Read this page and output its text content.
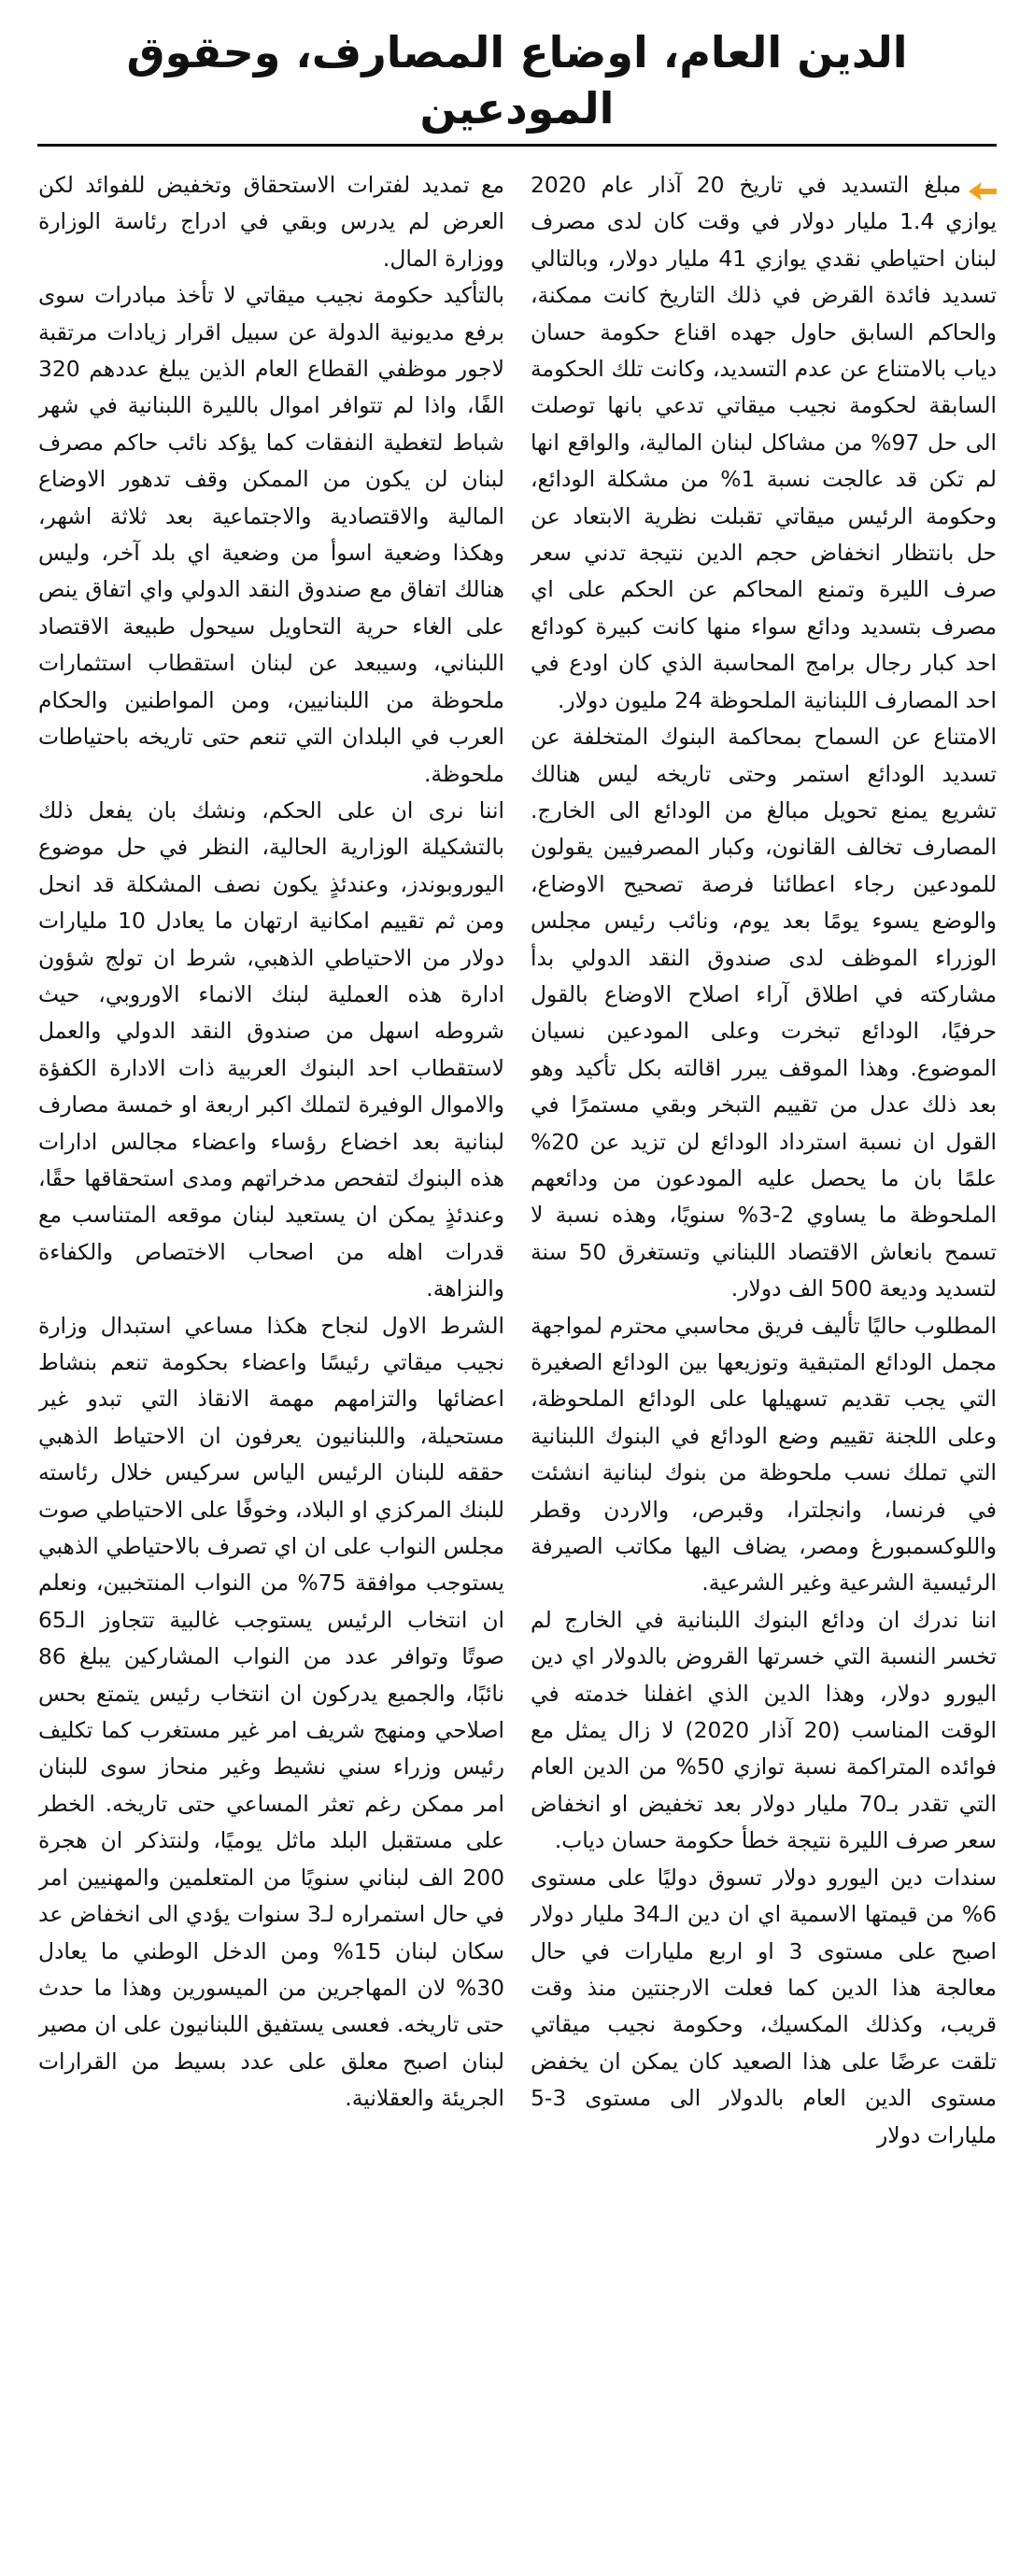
الدين العام، اوضاع المصارف، وحقوق المودعين

مبلغ التسديد في تاريخ 20 آذار عام 2020 يوازي 1.4 مليار دولار في وقت كان لدى مصرف لبنان احتياطي نقدي يوازي 41 مليار دولار، وبالتالي تسديد فائدة القرض في ذلك التاريخ كانت ممكنة، والحاكم السابق حاول جهده اقناع حكومة حسان دياب بالامتناع عن عدم التسديد، وكانت تلك الحكومة السابقة لحكومة نجيب ميقاتي تدعي بانها توصلت الى حل 97% من مشاكل لبنان المالية، والواقع انها لم تكن قد عالجت نسبة 1% من مشكلة الودائع، وحكومة الرئيس ميقاتي تقبلت نظرية الابتعاد عن حل بانتظار انخفاض حجم الدين نتيجة تدني سعر صرف الليرة وتمنع المحاكم عن الحكم على اي مصرف بتسديد ودائع سواء منها كانت كبيرة كودائع احد كبار رجال برامج المحاسبة الذي كان اودع في احد المصارف اللبنانية الملحوظة 24 مليون دولار.

الامتناع عن السماح بمحاكمة البنوك المتخلفة عن تسديد الودائع استمر وحتى تاريخه ليس هنالك تشريع يمنع تحويل مبالغ من الودائع الى الخارج. المصارف تخالف القانون، وكبار المصرفيين يقولون للمودعين رجاء اعطائنا فرصة تصحيح الاوضاع، والوضع يسوء يومًا بعد يوم، ونائب رئيس مجلس الوزراء الموظف لدى صندوق النقد الدولي بدأ مشاركته في اطلاق آراء اصلاح الاوضاع بالقول حرفيًا، الودائع تبخرت وعلى المودعين نسيان الموضوع. وهذا الموقف يبرر اقالته بكل تأكيد وهو بعد ذلك عدل من تقييم التبخر وبقي مستمرًا في القول ان نسبة استرداد الودائع لن تزيد عن 20% علمًا بان ما يحصل عليه المودعون من ودائعهم الملحوظة ما يساوي 2-3% سنويًا، وهذه نسبة لا تسمح بانعاش الاقتصاد اللبناني وتستغرق 50 سنة لتسديد وديعة 500 الف دولار.

المطلوب حاليًا تأليف فريق محاسبي محترم لمواجهة مجمل الودائع المتبقية وتوزيعها بين الودائع الصغيرة التي يجب تقديم تسهيلها على الودائع الملحوظة، وعلى اللجنة تقييم وضع الودائع في البنوك اللبنانية التي تملك نسب ملحوظة من بنوك لبنانية انشئت في فرنسا، وانجلترا، وقبرص، والاردن وقطر واللوكسمبورغ ومصر، يضاف اليها مكاتب الصيرفة الرئيسية الشرعية وغير الشرعية.

اننا ندرك ان ودائع البنوك اللبنانية في الخارج لم تخسر النسبة التي خسرتها القروض بالدولار اي دين اليورو دولار، وهذا الدين الذي اغفلنا خدمته في الوقت المناسب (20 آذار 2020) لا زال يمثل مع فوائده المتراكمة نسبة توازي 50% من الدين العام التي تقدر بـ70 مليار دولار بعد تخفيض او انخفاض سعر صرف الليرة نتيجة خطأ حكومة حسان دياب.

سندات دين اليورو دولار تسوق دوليًا على مستوى 6% من قيمتها الاسمية اي ان دين الـ34 مليار دولار اصبح على مستوى 3 او اربع مليارات في حال معالجة هذا الدين كما فعلت الارجنتين منذ وقت قريب، وكذلك المكسيك، وحكومة نجيب ميقاتي تلقت عرضًا على هذا الصعيد كان يمكن ان يخفض مستوى الدين العام بالدولار الى مستوى 3-5 مليارات دولار

مع تمديد لفترات الاستحقاق وتخفيض للفوائد لكن العرض لم يدرس وبقي في ادراج رئاسة الوزارة ووزارة المال.

بالتأكيد حكومة نجيب ميقاتي لا تأخذ مبادرات سوى برفع مديونية الدولة عن سبيل اقرار زيادات مرتقبة لاجور موظفي القطاع العام الذين يبلغ عددهم 320 الفًا، واذا لم تتوافر اموال بالليرة اللبنانية في شهر شباط لتغطية النفقات كما يؤكد نائب حاكم مصرف لبنان لن يكون من الممكن وقف تدهور الاوضاع المالية والاقتصادية والاجتماعية بعد ثلاثة اشهر، وهكذا وضعية اسوأ من وضعية اي بلد آخر، وليس هنالك اتفاق مع صندوق النقد الدولي واي اتفاق ينص على الغاء حرية التحاويل سيحول طبيعة الاقتصاد اللبناني، وسيبعد عن لبنان استقطاب استثمارات ملحوظة من اللبنانيين، ومن المواطنين والحكام العرب في البلدان التي تنعم حتى تاريخه باحتياطات ملحوظة.

اننا نرى ان على الحكم، ونشك بان يفعل ذلك بالتشكيلة الوزارية الحالية، النظر في حل موضوع اليوروبوندز، وعندئذٍ يكون نصف المشكلة قد انحل ومن ثم تقييم امكانية ارتهان ما يعادل 10 مليارات دولار من الاحتياطي الذهبي، شرط ان تولج شؤون ادارة هذه العملية لبنك الانماء الاوروبي، حيث شروطه اسهل من صندوق النقد الدولي والعمل لاستقطاب احد البنوك العربية ذات الادارة الكفؤة والاموال الوفيرة لتملك اكبر اربعة او خمسة مصارف لبنانية بعد اخضاع رؤساء واعضاء مجالس ادارات هذه البنوك لتفحص مدخراتهم ومدى استحقاقها حقًا، وعندئذٍ يمكن ان يستعيد لبنان موقعه المتناسب مع قدرات اهله من اصحاب الاختصاص والكفاءة والنزاهة.

الشرط الاول لنجاح هكذا مساعي استبدال وزارة نجيب ميقاتي رئيسًا واعضاء بحكومة تنعم بنشاط اعضائها والتزامهم مهمة الانقاذ التي تبدو غير مستحيلة، واللبنانيون يعرفون ان الاحتياط الذهبي حققه للبنان الرئيس الياس سركيس خلال رئاسته للبنك المركزي او البلاد، وخوفًا على الاحتياطي صوت مجلس النواب على ان اي تصرف بالاحتياطي الذهبي يستوجب موافقة 75% من النواب المنتخبين، ونعلم ان انتخاب الرئيس يستوجب غالبية تتجاوز الـ65 صوتًا وتوافر عدد من النواب المشاركين يبلغ 86 نائبًا، والجميع يدركون ان انتخاب رئيس يتمتع بحس اصلاحي ومنهج شريف امر غير مستغرب كما تكليف رئيس وزراء سني نشيط وغير منحاز سوى للبنان امر ممكن رغم تعثر المساعي حتى تاريخه. الخطر على مستقبل البلد ماثل يوميًا، ولنتذكر ان هجرة 200 الف لبناني سنويًا من المتعلمين والمهنيين امر في حال استمراره لـ3 سنوات يؤدي الى انخفاض عد سكان لبنان 15% ومن الدخل الوطني ما يعادل 30% لان المهاجرين من الميسورين وهذا ما حدث حتى تاريخه. فعسى يستفيق اللبنانيون على ان مصير لبنان اصبح معلق على عدد بسيط من القرارات الجريئة والعقلانية.
